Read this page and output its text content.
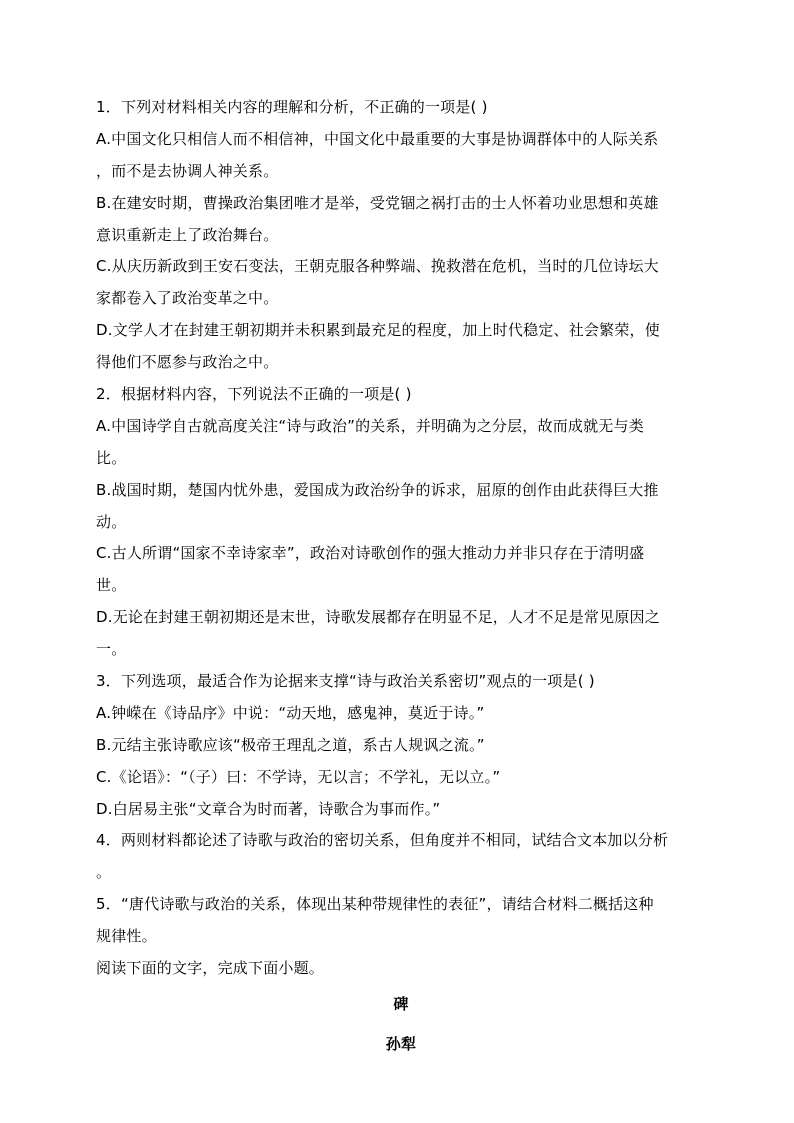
1．下列对材料相关内容的理解和分析，不正确的一项是( )
A.中国文化只相信人而不相信神，中国文化中最重要的大事是协调群体中的人际关系
，而不是去协调人神关系。
B.在建安时期，曹操政治集团唯才是举，受党锢之祸打击的士人怀着功业思想和英雄
意识重新走上了政治舞台。
C.从庆历新政到王安石变法，王朝克服各种弊端、挽救潜在危机，当时的几位诗坛大
家都卷入了政治变革之中。
D.文学人才在封建王朝初期并未积累到最充足的程度，加上时代稳定、社会繁荣，使
得他们不愿参与政治之中。
2．根据材料内容，下列说法不正确的一项是( )
A.中国诗学自古就高度关注“诗与政治”的关系，并明确为之分层，故而成就无与类
比。
B.战国时期，楚国内忧外患，爱国成为政治纷争的诉求，屈原的创作由此获得巨大推
动。
C.古人所谓“国家不幸诗家幸”，政治对诗歌创作的强大推动力并非只存在于清明盛
世。
D.无论在封建王朝初期还是末世，诗歌发展都存在明显不足，人才不足是常见原因之
一。
3．下列选项，最适合作为论据来支撑“诗与政治关系密切”观点的一项是( )
A.钟嵘在《诗品序》中说：“动天地，感鬼神，莫近于诗。”
B.元结主张诗歌应该“极帝王理乱之道，系古人规讽之流。”
C.《论语》：“（子）曰：不学诗，无以言；不学礼，无以立。”
D.白居易主张“文章合为时而著，诗歌合为事而作。”
4．两则材料都论述了诗歌与政治的密切关系，但角度并不相同，试结合文本加以分析
。
5．“唐代诗歌与政治的关系，体现出某种带规律性的表征”，请结合材料二概括这种
规律性。
阅读下面的文字，完成下面小题。
碑
孙犁
